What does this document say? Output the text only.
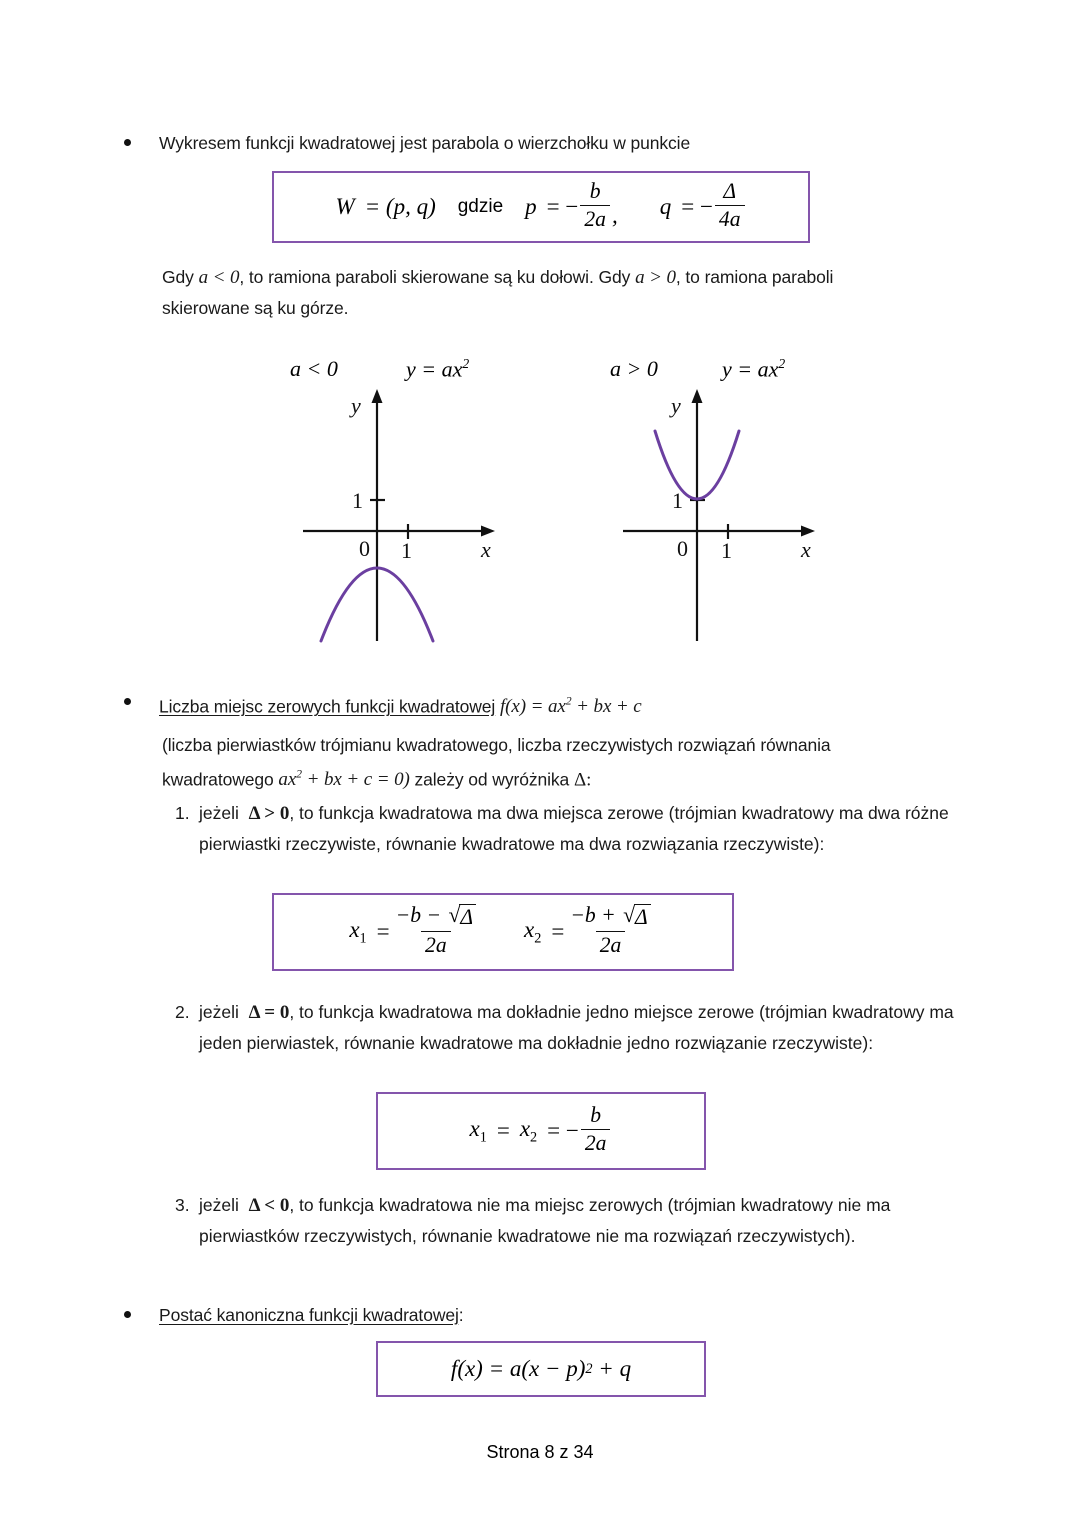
Wykresem funkcji kwadratowej jest parabola o wierzchołku w punkcie
W = (p, q) gdzie p = − $\frac{b}{2a}$ , q = − $\frac{\Delta}{4a}$
Gdy a < 0, to ramiona paraboli skierowane są ku dołowi. Gdy a > 0, to ramiona paraboli
skierowane są ku górze.
a < 0	$y = ax^2$
y
x
1
0 1
a > 0	$y = ax^2$
y
x
1
0 1
Liczba miejsc zerowych funkcji kwadratowej $f(x) = ax^2$ + bx + c
(liczba pierwiastków trójmianu kwadratowego, liczba rzeczywistych rozwiązań równania
kwadratowego $ax^2$ + bx + c = 0) zależy od wyróżnika Δ:
1. jeżeli Δ > 0, to funkcja kwadratowa ma dwa miejsca zerowe (trójmian kwadratowy ma dwa różne pierwiastki rzeczywiste, równanie kwadratowe ma dwa rozwiązania rzeczywiste):
$x_1 = \frac{-b - √ \Delta}{2a} x_2 = \frac{-b + √ \Delta}{2a}$
2. jeżeli Δ = 0, to funkcja kwadratowa ma dokładnie jedno miejsce zerowe (trójmian kwadratowy ma jeden pierwiastek, równanie kwadratowe ma dokładnie jedno rozwiązanie rzeczywiste):
$x_1 = x_2$ = − $\frac{b}{2a}$
3. jeżeli Δ < 0, to funkcja kwadratowa nie ma miejsc zerowych (trójmian kwadratowy nie ma pierwiastków rzeczywistych, równanie kwadratowe nie ma rozwiązań rzeczywistych).
Postać kanoniczna funkcji kwadratowej:
f (x) = a(x − p) 2
+ q
Strona 8 z 34
